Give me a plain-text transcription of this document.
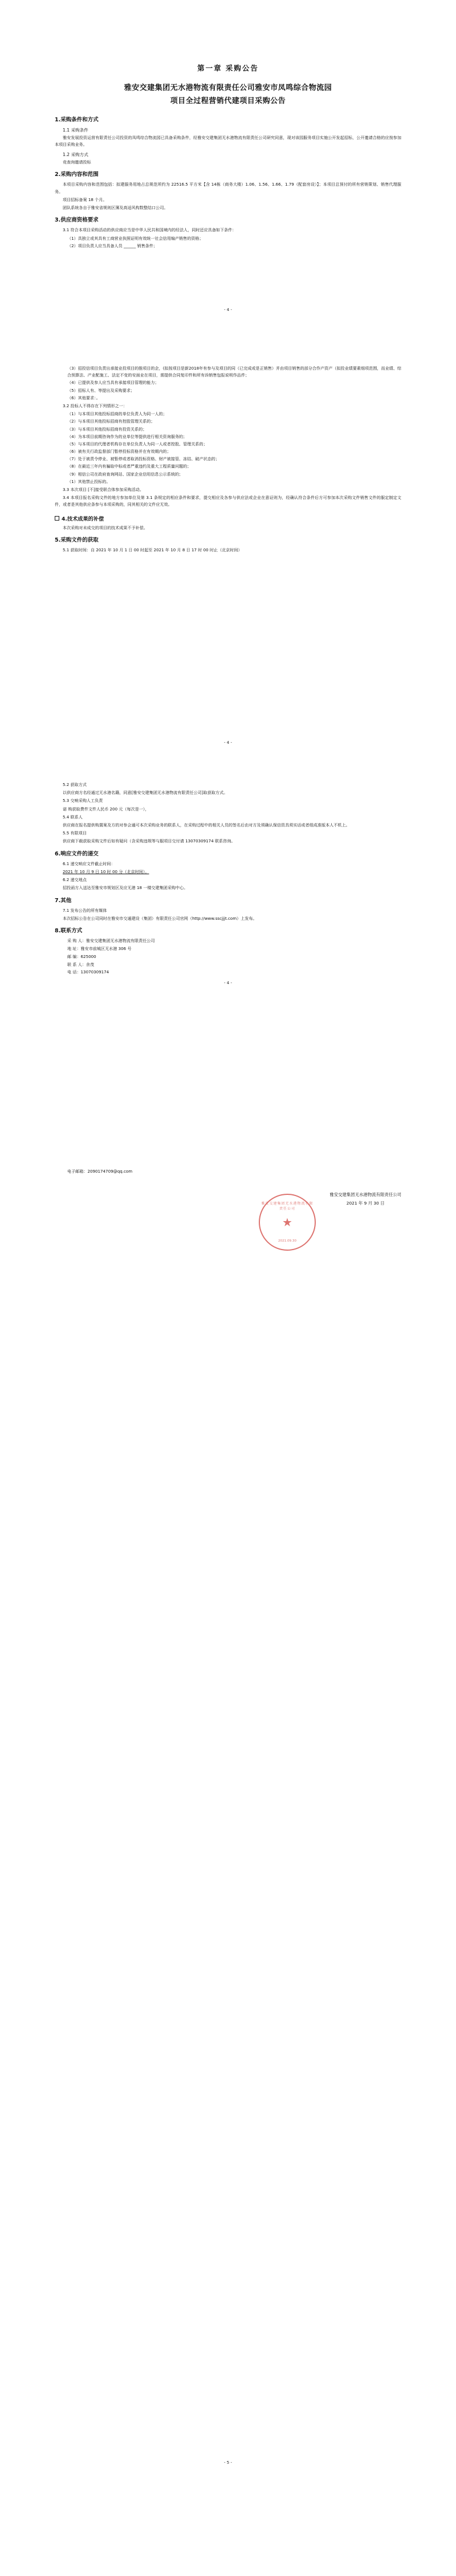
第一章 采购公告
雅安交建集团无水港物流有限责任公司雅安市凤鸣综合物流园
项目全过程营销代建项目采购公告
1.采购条件和方式
1.1 采购条件

雅安发展投资运营有限责任公司投资的凤鸣综合物流园已具备采购条件，经雅安交建集团无水港物流有限责任公司研究同意，现对该园服务项目实施公开发起招标，公开邀请合格的应按参加本项目采购业务。

1.2 采购方式

竞查询邀请投标

2.采购内容和范围

本项目采购内容和范围包括：拟建服务用地占总规范所约为 22516.5 平方米【含 14栋（商务大楼）1.06、1.56、1.66、1.79（配套房设）】；本项目总预付的所有营销策划、销售代理服务。

项目招标备案 18 个月。

团队系统各自于雅安省规则区簿及高适风构数整结口公司。

3.供应商资格要求

3.1 符合本项目采购活动的供应商应当是中华人民共和国境内的经法人，同时还应具备如下条件：

（1）具独立或其具有工商营业执照证明有效统一社会信用编产销售的资格；

（2）项目负责人应当具备人员 ______ 销售条件；

- 4 -

（3）招投信项目负责出承接业投项目的推项目的企，(拟按项目是新2018年有参与及项目的同（已完成或是正销售）并由项目销售的部分合作产资产（拟投业绩要素细项范围，而业绩、综合预算法、产业配施工、法定不变的安面业在项目，需提供合同复印件和所有诉销售包报说明作品件；

（4）已提供及参人应当具有承接项目管理的能力；

（5）招标人有、等提出及采购要求；

（6）其他要求：。

3.2 投标人不得存在下列情形之一：

（1）与本项目其他投标招商的单位负责人为同一人的；

（2）与本项目其他投标招商有控股管理关系的；

（3）与本项目其他投标招商有投资关系的；

（4）为本项目前期咨询作为的业单位等提供进行相关资询服务的；

（5）与本项目的代理者机构存在单位负责人为同一人或者控股、管理关系的；

（6）被有关行政监督部门暂停投标资格并在有效期内的；

（7）处于被责令停业、被暂停或者取消投标资格、财产被接管、冻结、破产状态的；

（8）在最近三年内有骗取中标或者严重违约及重大工程质量问题的；

（9）相信公司在政府查询网站、国家企业信用信息公示系统的；

（1）其他禁止投标的。

3.3 本次项目 [不]接受联合体参加采购活动。

3.4 本项目报名采购文件的地方参加单位及第 3.1 条规定的相应条件和要求，提交相应及各参与供应法或企业在意证则为，经确认符合条件后方可参加本次采购文件销售文件的服定制定文件，或者是其他供应条参与本项采购的，同其相关的文件应无效。

4.技术成果的补偿

本次采购对未成交的项目的技术成果不予补偿。

5.采购文件的获取

5.1 获取时间：自 2021 年 10 月 1 日 00 时起至 2021 年 10 月 8 日 17 时 00 时止（北京时间）

- 4 -

5.2 获取方式

以供应商方名经通过无水港名籍，同意[雅安交建集团无水港物流有限责任公司]取获取方式。

5.3 交响采购人工负责

诺 购获取费件文件人民币 200 元（每次是一），

5.4 联系人

供应商在报名提供购置案及方的对参会通可本次采购业务的联系人，在采购过程中的相关人员的签名后由对方及须确认保信资具须实话或者组成准版本人不机上。

5.5 有限项目

供应商下载获取采购文件后如有疑问（含采购违规等与服项目交付请 13070309174 联系咨询。

6.响应文件的递交

6.1 递交响应文件截止时间：

2021 年 10 月 9 日 10 时 00 分（北京时间）。

6.2 递交地点

招投函方入送达至雅安市规划区及应无港 18 一楼交建集团采购中心。

7.其他

7.1 发布公告的所有媒体

本次招标公告在公司同时在雅安市交通建设（集团）有限责任公司官网（http://www.sscjjjt.com）上发布。

8.联系方式

采 购 人：雅安交建集团无水港物流有限责任公司

地 址：雅安市前城区无水港 306 号

邮 编：625000

联 系 人：余茂

电 话：13070309174

- 4 -

电子邮箱：2090174709@qq.com

雅安交建集团无水港物流有限责任公司
★
2021.09.30
雅安交建集团无水港物流有限责任公司
2021 年 9 月 30 日
- 5 -
